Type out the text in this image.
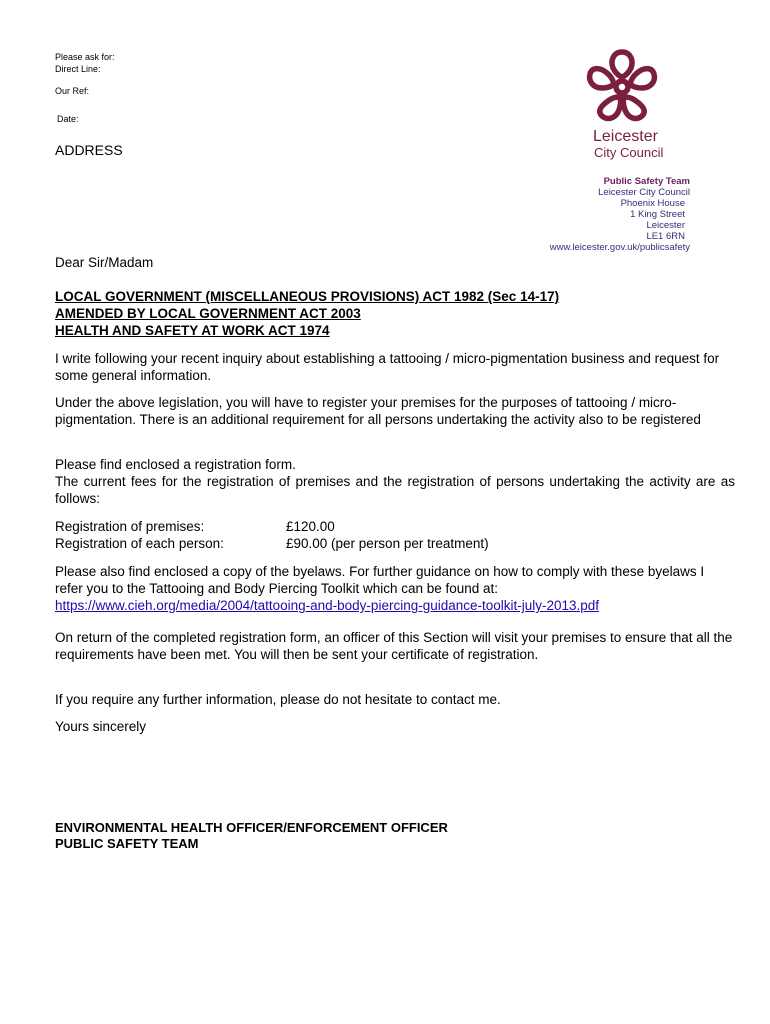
Please ask for:
Direct Line:
Our Ref:
Date:
ADDRESS
Leicester
City Council
Public Safety Team
Leicester City Council
Phoenix House
1 King Street
Leicester
LE1 6RN
www.leicester.gov.uk/publicsafety
Dear Sir/Madam
LOCAL GOVERNMENT (MISCELLANEOUS PROVISIONS) ACT 1982 (Sec 14-17)
AMENDED BY LOCAL GOVERNMENT ACT 2003
HEALTH AND SAFETY AT WORK ACT 1974
I write following your recent inquiry about establishing a tattooing / micro-pigmentation business and request for some general information.
Under the above legislation, you will have to register your premises for the purposes of tattooing / micro-pigmentation. There is an additional requirement for all persons undertaking the activity also to be registered
Please find enclosed a registration form.
The current fees for the registration of premises and the registration of persons undertaking the activity are as follows:
Registration of premises:	£120.00
Registration of each person:	£90.00 (per person per treatment)
Please also find enclosed a copy of the byelaws. For further guidance on how to comply with these byelaws I refer you to the Tattooing and Body Piercing Toolkit which can be found at:
https://www.cieh.org/media/2004/tattooing-and-body-piercing-guidance-toolkit-july-2013.pdf
On return of the completed registration form, an officer of this Section will visit your premises to ensure that all the requirements have been met. You will then be sent your certificate of registration.
If you require any further information, please do not hesitate to contact me.
Yours sincerely
ENVIRONMENTAL HEALTH OFFICER/ENFORCEMENT OFFICER
PUBLIC SAFETY TEAM
